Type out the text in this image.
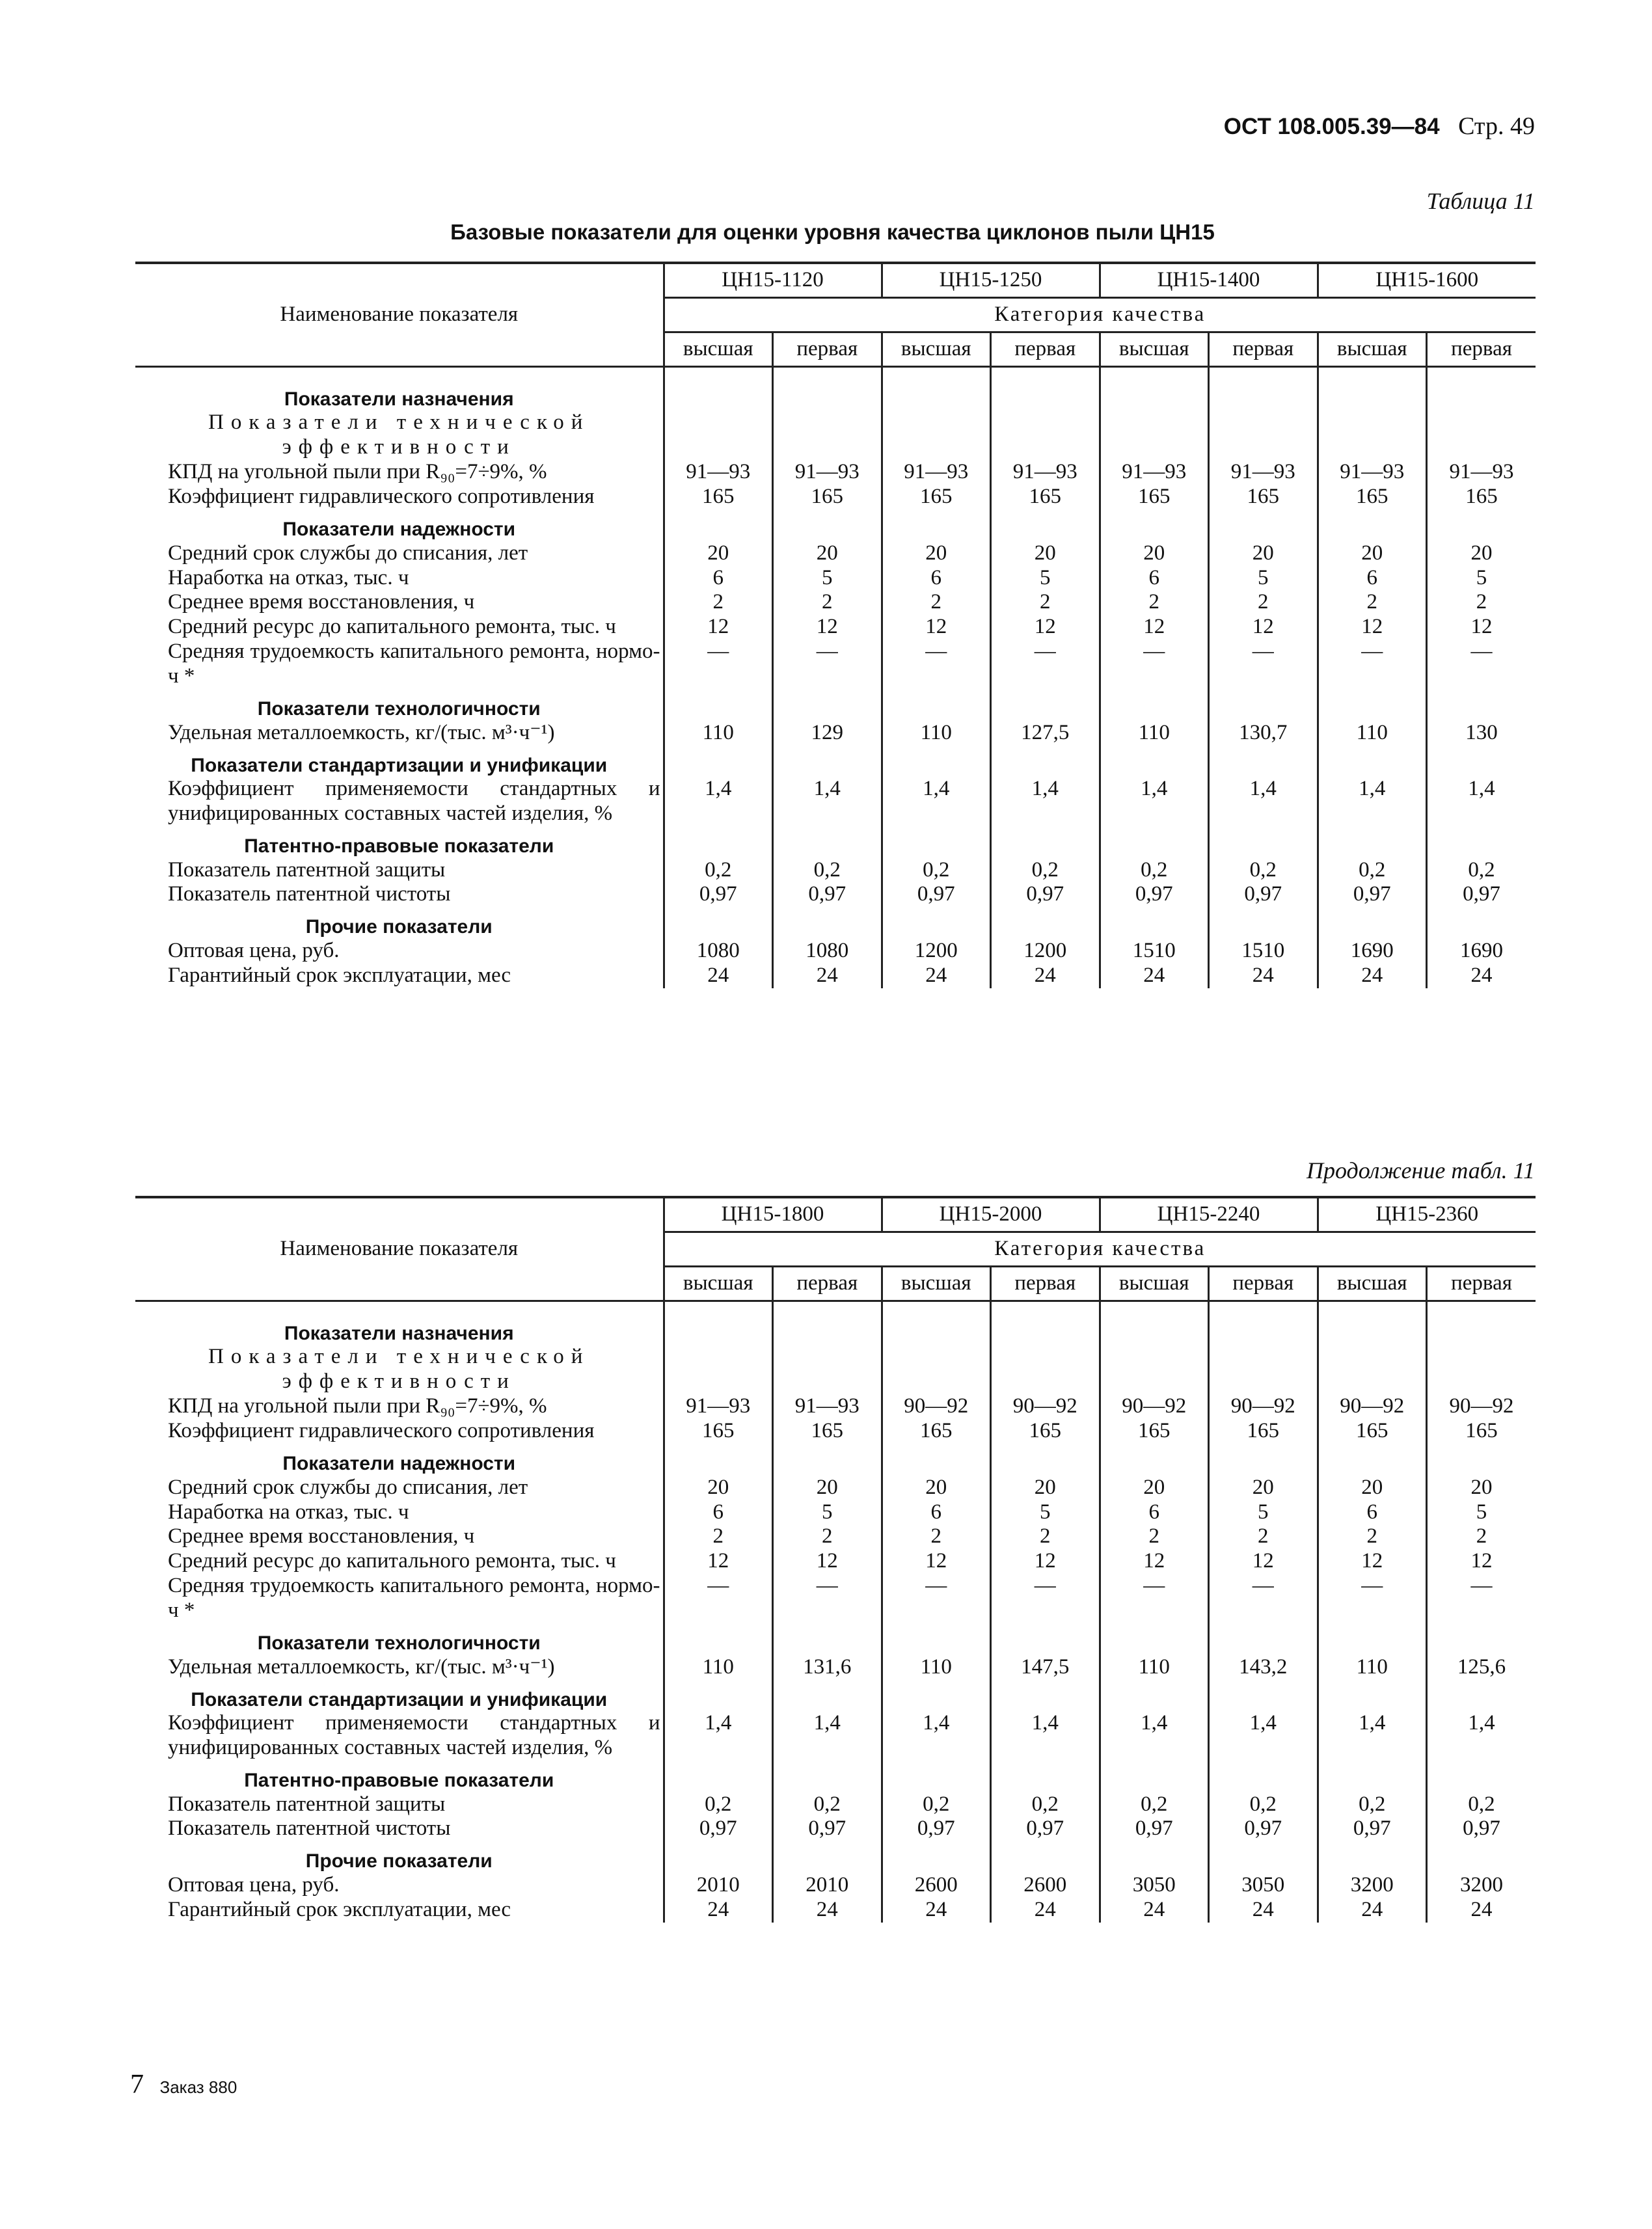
ОСТ 108.005.39—84 Стр. 49
Таблица 11
Базовые показатели для оценки уровня качества циклонов пыли ЦН15
Наименование показателя	ЦН15-1120		ЦН15-1250		ЦН15-1400		ЦН15-1600	
	Категория качества							
	высшая	первая	высшая	первая	высшая	первая	высшая	первая

Показатели назначения								
Показатели технической эффективности								
КПД на угольной пыли при R₉₀=7÷9%, %	91—93	91—93	91—93	91—93	91—93	91—93	91—93	91—93
Коэффициент гидравлического сопротивления	165	165	165	165	165	165	165	165
Показатели надежности								
Средний срок службы до списания, лет	20	20	20	20	20	20	20	20
Наработка на отказ, тыс. ч	6	5	6	5	6	5	6	5
Среднее время восстановления, ч	2	2	2	2	2	2	2	2
Средний ресурс до капитального ремонта, тыс. ч	12	12	12	12	12	12	12	12
Средняя трудоемкость капитального ремонта, нормо-ч *	—	—	—	—	—	—	—	—
Показатели технологичности								
Удельная металлоемкость, кг/(тыс. м³·ч⁻¹)	110	129	110	127,5	110	130,7	110	130
Показатели стандартизации и унификации								
Коэффициент применяемости стандартных и унифицированных составных частей изделия, %	1,4	1,4	1,4	1,4	1,4	1,4	1,4	1,4
Патентно-правовые показатели								
Показатель патентной защиты	0,2	0,2	0,2	0,2	0,2	0,2	0,2	0,2
Показатель патентной чистоты	0,97	0,97	0,97	0,97	0,97	0,97	0,97	0,97
Прочие показатели								
Оптовая цена, руб.	1080	1080	1200	1200	1510	1510	1690	1690
Гарантийный срок эксплуатации, мес	24	24	24	24	24	24	24	24
Продолжение табл. 11
Наименование показателя	ЦН15-1800		ЦН15-2000		ЦН15-2240		ЦН15-2360	
	Категория качества							
	высшая	первая	высшая	первая	высшая	первая	высшая	первая

Показатели назначения								
Показатели технической эффективности								
КПД на угольной пыли при R₉₀=7÷9%, %	91—93	91—93	90—92	90—92	90—92	90—92	90—92	90—92
Коэффициент гидравлического сопротивления	165	165	165	165	165	165	165	165
Показатели надежности								
Средний срок службы до списания, лет	20	20	20	20	20	20	20	20
Наработка на отказ, тыс. ч	6	5	6	5	6	5	6	5
Среднее время восстановления, ч	2	2	2	2	2	2	2	2
Средний ресурс до капитального ремонта, тыс. ч	12	12	12	12	12	12	12	12
Средняя трудоемкость капитального ремонта, нормо-ч *	—	—	—	—	—	—	—	—
Показатели технологичности								
Удельная металлоемкость, кг/(тыс. м³·ч⁻¹)	110	131,6	110	147,5	110	143,2	110	125,6
Показатели стандартизации и унификации								
Коэффициент применяемости стандартных и унифицированных составных частей изделия, %	1,4	1,4	1,4	1,4	1,4	1,4	1,4	1,4
Патентно-правовые показатели								
Показатель патентной защиты	0,2	0,2	0,2	0,2	0,2	0,2	0,2	0,2
Показатель патентной чистоты	0,97	0,97	0,97	0,97	0,97	0,97	0,97	0,97
Прочие показатели								
Оптовая цена, руб.	2010	2010	2600	2600	3050	3050	3200	3200
Гарантийный срок эксплуатации, мес	24	24	24	24	24	24	24	24
7 Заказ 880
